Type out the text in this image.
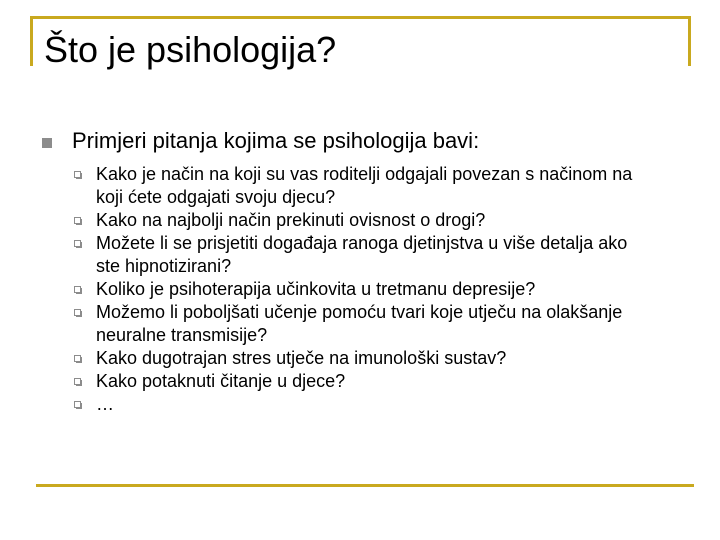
Što je psihologija?
Primjeri pitanja kojima se psihologija bavi:
Kako je način na koji su vas roditelji odgajali povezan s načinom na koji ćete odgajati svoju djecu?
Kako na najbolji način prekinuti ovisnost o drogi?
Možete li se prisjetiti događaja ranoga djetinjstva u više detalja ako ste hipnotizirani?
Koliko je psihoterapija učinkovita u tretmanu depresije?
Možemo li poboljšati učenje pomoću tvari koje utječu na olakšanje neuralne transmisije?
Kako dugotrajan stres utječe na imunološki sustav?
Kako potaknuti čitanje u djece?
…
